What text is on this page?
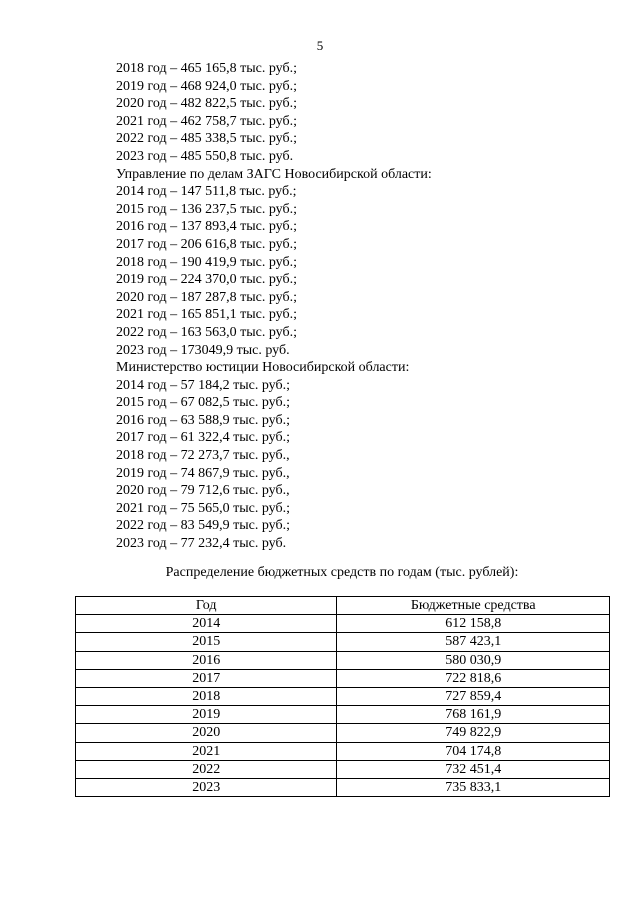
5
2018 год – 465 165,8 тыс. руб.;
2019 год – 468 924,0 тыс. руб.;
2020 год – 482 822,5 тыс. руб.;
2021 год – 462 758,7 тыс. руб.;
2022 год – 485 338,5 тыс. руб.;
2023 год – 485 550,8 тыс. руб.
Управление по делам ЗАГС Новосибирской области:
2014 год – 147 511,8 тыс. руб.;
2015 год – 136 237,5 тыс. руб.;
2016 год – 137 893,4 тыс. руб.;
2017 год – 206 616,8 тыс. руб.;
2018 год – 190 419,9 тыс. руб.;
2019 год – 224 370,0 тыс. руб.;
2020 год – 187 287,8 тыс. руб.;
2021 год – 165 851,1 тыс. руб.;
2022 год – 163 563,0 тыс. руб.;
2023 год – 173049,9 тыс. руб.
Министерство юстиции Новосибирской области:
2014 год – 57 184,2 тыс. руб.;
2015 год – 67 082,5 тыс. руб.;
2016 год – 63 588,9 тыс. руб.;
2017 год – 61 322,4 тыс. руб.;
2018 год – 72 273,7 тыс. руб.,
2019 год – 74 867,9 тыс. руб.,
2020 год – 79 712,6 тыс. руб.,
2021 год – 75 565,0 тыс. руб.;
2022 год – 83 549,9 тыс. руб.;
2023 год – 77 232,4 тыс. руб.
Распределение бюджетных средств по годам (тыс. рублей):
Год	Бюджетные средства
2014	612 158,8
2015	587 423,1
2016	580 030,9
2017	722 818,6
2018	727 859,4
2019	768 161,9
2020	749 822,9
2021	704 174,8
2022	732 451,4
2023	735 833,1
